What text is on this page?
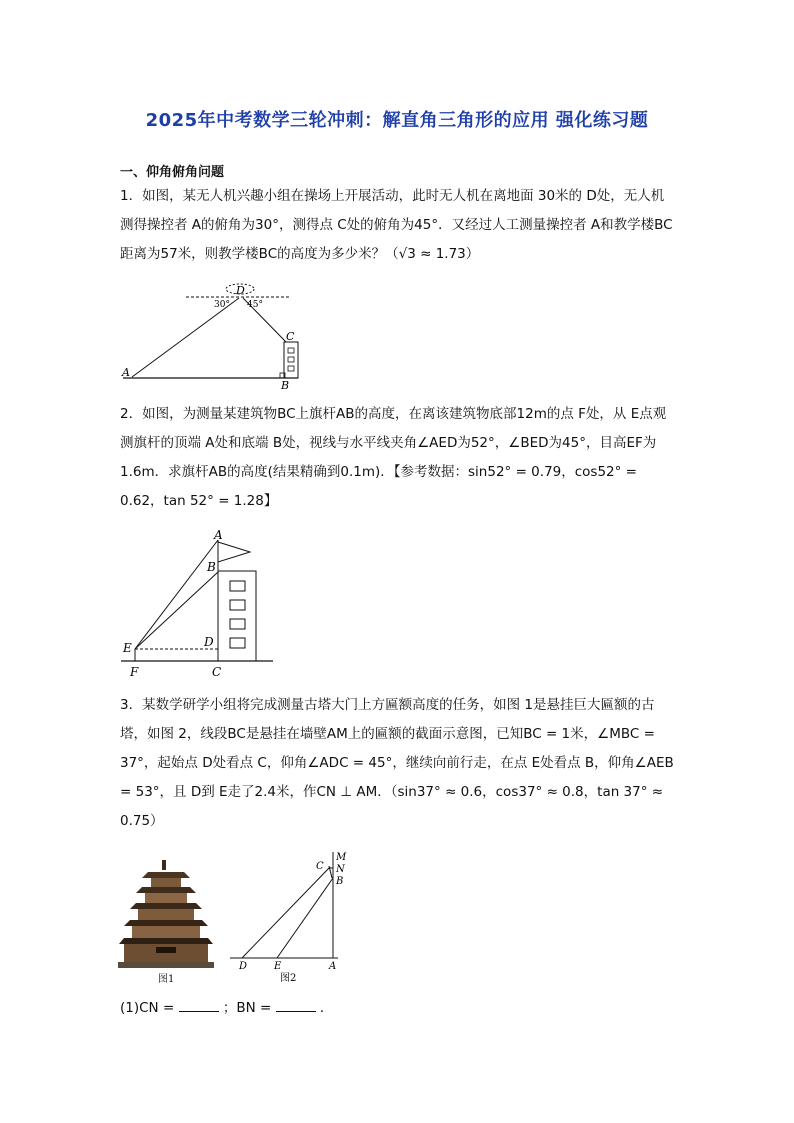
2025年中考数学三轮冲刺：解直角三角形的应用 强化练习题
一、仰角俯角问题
1．如图，某无人机兴趣小组在操场上开展活动，此时无人机在离地面 30米的 D处，无人机测得操控者 A的俯角为30°，测得点 C处的俯角为45°．又经过人工测量操控者 A和教学楼BC距离为57米，则教学楼BC的高度为多少米？（√3 ≈ 1.73）
D
30° 45°
A
C
B
2．如图，为测量某建筑物BC上旗杆AB的高度，在离该建筑物底部12m的点 F处，从 E点观测旗杆的顶端 A处和底端 B处，视线与水平线夹角∠AED为52°，∠BED为45°，目高EF为1.6m．求旗杆AB的高度(结果精确到0.1m)．【参考数据：sin52° = 0.79，cos52° = 0.62，tan 52° = 1.28】
A
B
D
E
F	C
3．某数学研学小组将完成测量古塔大门上方匾额高度的任务，如图 1是悬挂巨大匾额的古塔，如图 2，线段BC是悬挂在墙壁AM上的匾额的截面示意图，已知BC = 1米，∠MBC = 37°，起始点 D处看点 C，仰角∠ADC = 45°，继续向前行走，在点 E处看点 B，仰角∠AEB = 53°，且 D到 E走了2.4米，作CN ⊥ AM．（sin37° ≈ 0.6，cos37° ≈ 0.8，tan 37° ≈ 0.75）
图1
C
M
N
B
D	E	A
图2
(1)CN =	；BN =	．
